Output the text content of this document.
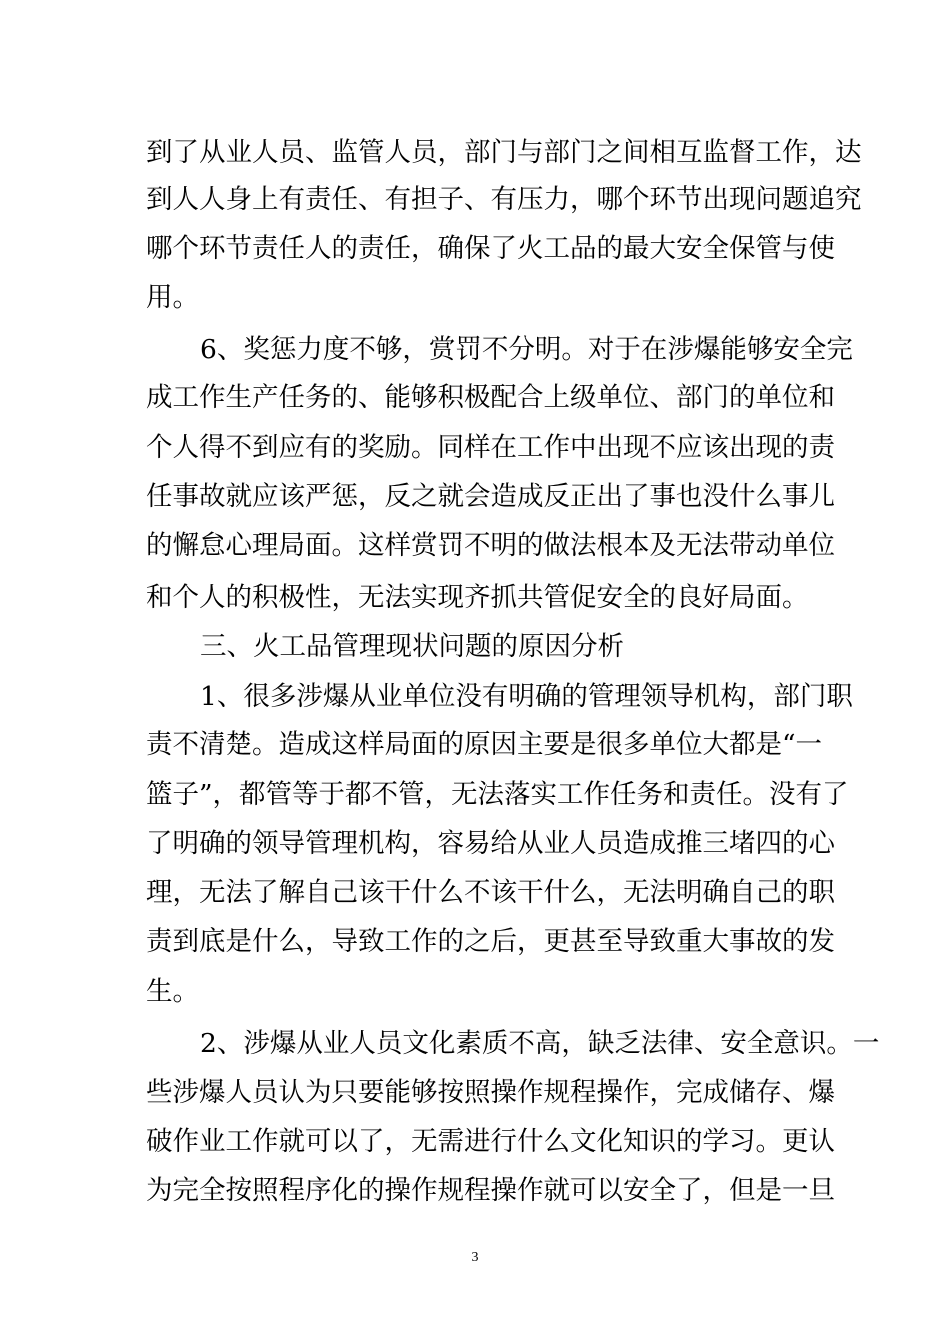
到了从业人员、监管人员，部门与部门之间相互监督工作，达
到人人身上有责任、有担子、有压力，哪个环节出现问题追究
哪个环节责任人的责任，确保了火工品的最大安全保管与使
用。
6、奖惩力度不够，赏罚不分明。对于在涉爆能够安全完
成工作生产任务的、能够积极配合上级单位、部门的单位和
个人得不到应有的奖励。同样在工作中出现不应该出现的责
任事故就应该严惩，反之就会造成反正出了事也没什么事儿
的懈怠心理局面。这样赏罚不明的做法根本及无法带动单位
和个人的积极性，无法实现齐抓共管促安全的良好局面。
三、火工品管理现状问题的原因分析
1、很多涉爆从业单位没有明确的管理领导机构，部门职
责不清楚。造成这样局面的原因主要是很多单位大都是“一
篮子”，都管等于都不管，无法落实工作任务和责任。没有了
了明确的领导管理机构，容易给从业人员造成推三堵四的心
理，无法了解自己该干什么不该干什么，无法明确自己的职
责到底是什么，导致工作的之后，更甚至导致重大事故的发
生。
2、涉爆从业人员文化素质不高，缺乏法律、安全意识。一
些涉爆人员认为只要能够按照操作规程操作，完成储存、爆
破作业工作就可以了，无需进行什么文化知识的学习。更认
为完全按照程序化的操作规程操作就可以安全了，但是一旦
3
